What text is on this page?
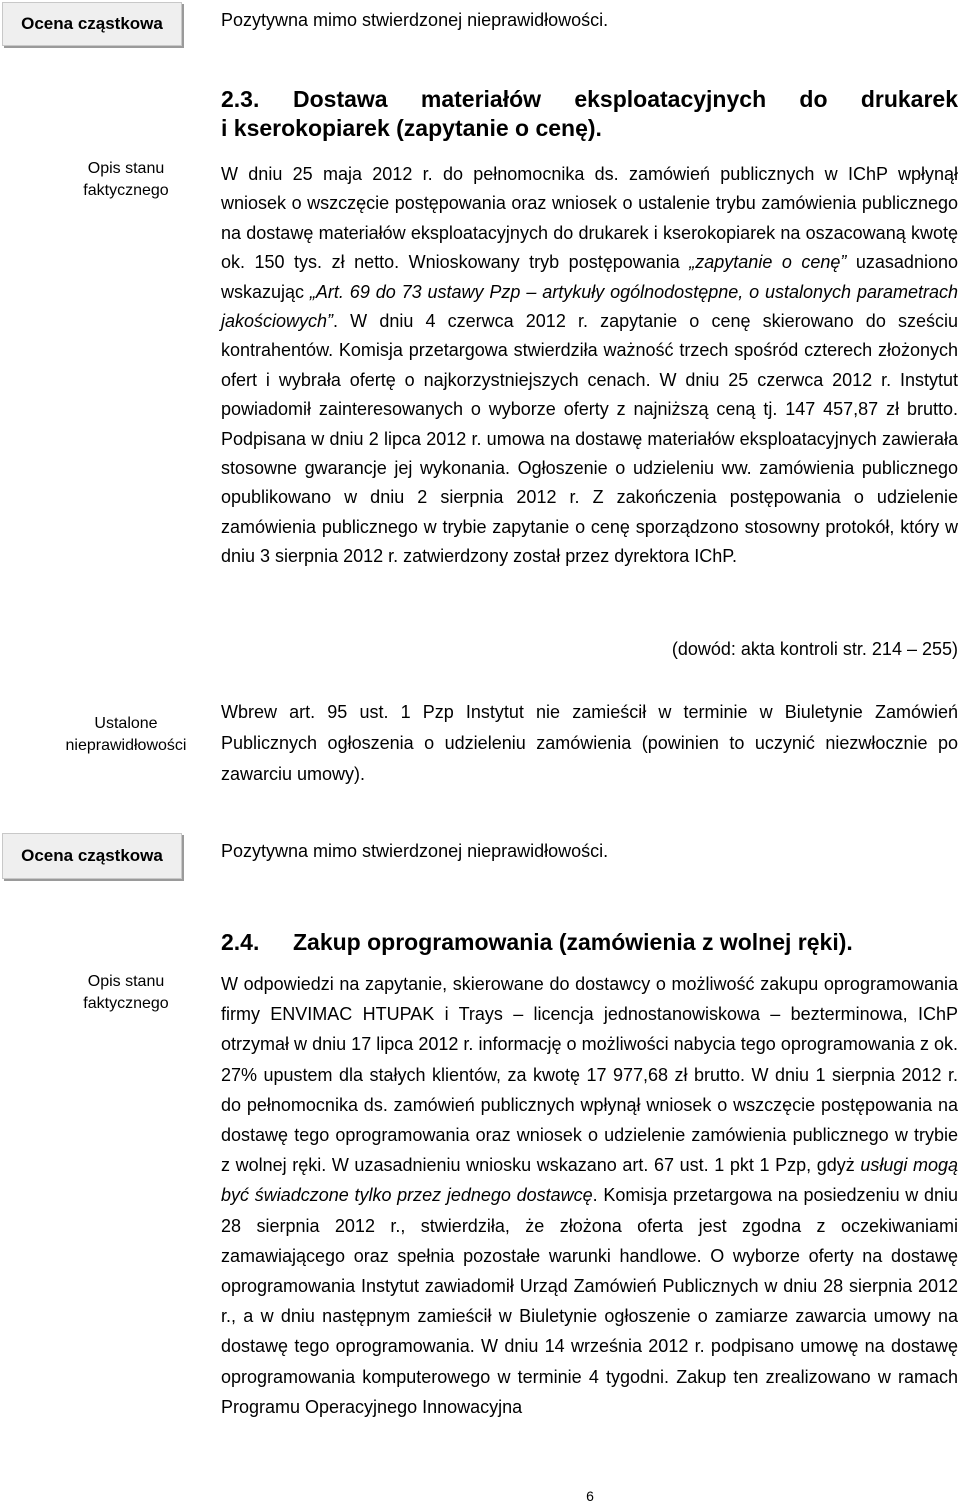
Ocena cząstkowa	Pozytywna mimo stwierdzonej nieprawidłowości.
2.3.	Dostawa materiałów eksploatacyjnych do drukarek
i kserokopiarek (zapytanie o cenę).
Opis stanu
faktycznego
W dniu 25 maja 2012 r. do pełnomocnika ds. zamówień publicznych w IChP wpłynął wniosek o wszczęcie postępowania oraz wniosek o ustalenie trybu zamówienia publicznego na dostawę materiałów eksploatacyjnych do drukarek i kserokopiarek na oszacowaną kwotę ok. 150 tys. zł netto. Wnioskowany tryb postępowania „zapytanie o cenę” uzasadniono wskazując „Art. 69 do 73 ustawy Pzp – artykuły ogólnodostępne, o ustalonych parametrach jakościowych”. W dniu 4 czerwca 2012 r. zapytanie o cenę skierowano do sześciu kontrahentów. Komisja przetargowa stwierdziła ważność trzech spośród czterech złożonych ofert i wybrała ofertę o najkorzystniejszych cenach. W dniu 25 czerwca 2012 r. Instytut powiadomił zainteresowanych o wyborze oferty z najniższą ceną tj. 147 457,87 zł brutto. Podpisana w dniu 2 lipca 2012 r. umowa na dostawę materiałów eksploatacyjnych zawierała stosowne gwarancje jej wykonania. Ogłoszenie o udzieleniu ww. zamówienia publicznego opublikowano w dniu 2 sierpnia 2012 r. Z zakończenia postępowania o udzielenie zamówienia publicznego w trybie zapytanie o cenę sporządzono stosowny protokół, który w dniu 3 sierpnia 2012 r. zatwierdzony został przez dyrektora IChP.
(dowód: akta kontroli str. 214 – 255)
Ustalone
nieprawidłowości
Wbrew art. 95 ust. 1 Pzp Instytut nie zamieścił w terminie w Biuletynie Zamówień Publicznych ogłoszenia o udzieleniu zamówienia (powinien to uczynić niezwłocznie po zawarciu umowy).
Ocena cząstkowa	Pozytywna mimo stwierdzonej nieprawidłowości.
2.4. Zakup oprogramowania (zamówienia z wolnej ręki).
Opis stanu
faktycznego
W odpowiedzi na zapytanie, skierowane do dostawcy o możliwość zakupu oprogramowania firmy ENVIMAC HTUPAK i Trays – licencja jednostanowiskowa – bezterminowa, IChP otrzymał w dniu 17 lipca 2012 r. informację o możliwości nabycia tego oprogramowania z ok. 27% upustem dla stałych klientów, za kwotę 17 977,68 zł brutto. W dniu 1 sierpnia 2012 r. do pełnomocnika ds. zamówień publicznych wpłynął wniosek o wszczęcie postępowania na dostawę tego oprogramowania oraz wniosek o udzielenie zamówienia publicznego w trybie z wolnej ręki. W uzasadnieniu wniosku wskazano art. 67 ust. 1 pkt 1 Pzp, gdyż usługi mogą być świadczone tylko przez jednego dostawcę. Komisja przetargowa na posiedzeniu w dniu 28 sierpnia 2012 r., stwierdziła, że złożona oferta jest zgodna z oczekiwaniami zamawiającego oraz spełnia pozostałe warunki handlowe. O wyborze oferty na dostawę oprogramowania Instytut zawiadomił Urząd Zamówień Publicznych w dniu 28 sierpnia 2012 r., a w dniu następnym zamieścił w Biuletynie ogłoszenie o zamiarze zawarcia umowy na dostawę tego oprogramowania. W dniu 14 września 2012 r. podpisano umowę na dostawę oprogramowania komputerowego w terminie 4 tygodni. Zakup ten zrealizowano w ramach Programu Operacyjnego Innowacyjna
6
